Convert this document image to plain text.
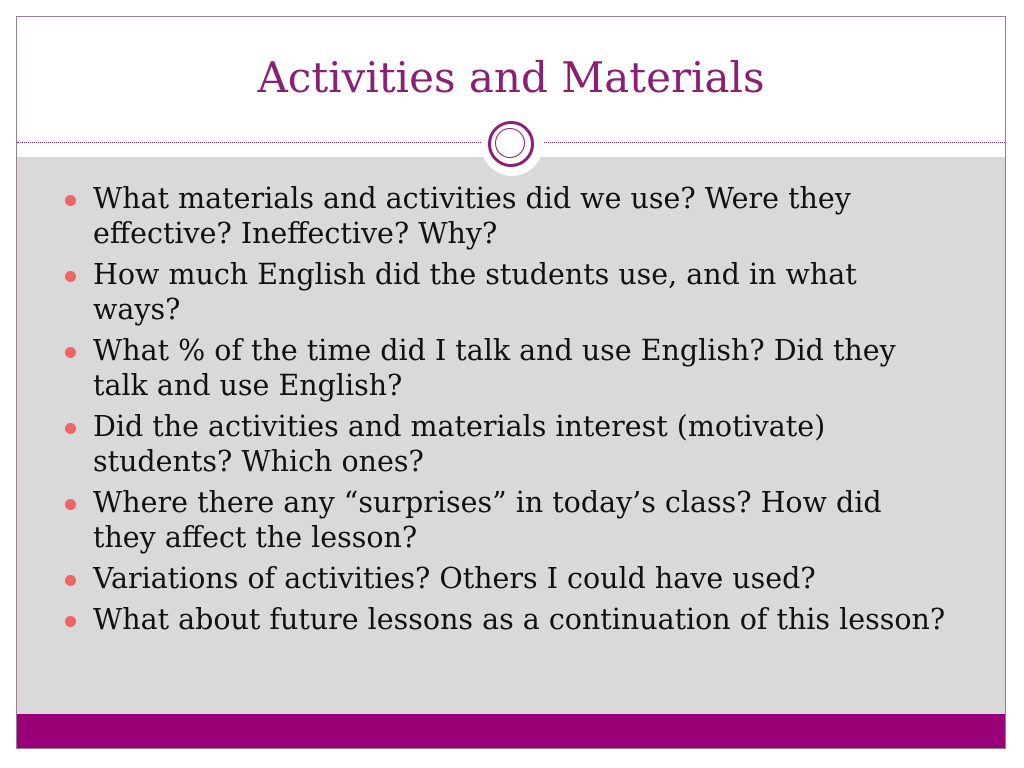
Activities and Materials
What materials and activities did we use? Were they effective? Ineffective? Why?
How much English did the students use, and in what ways?
What % of the time did I talk and use English? Did they talk and use English?
Did the activities and materials interest (motivate) students? Which ones?
Where there any “surprises” in today’s class? How did they affect the lesson?
Variations of activities? Others I could have used?
What about future lessons as a continuation of this lesson?
